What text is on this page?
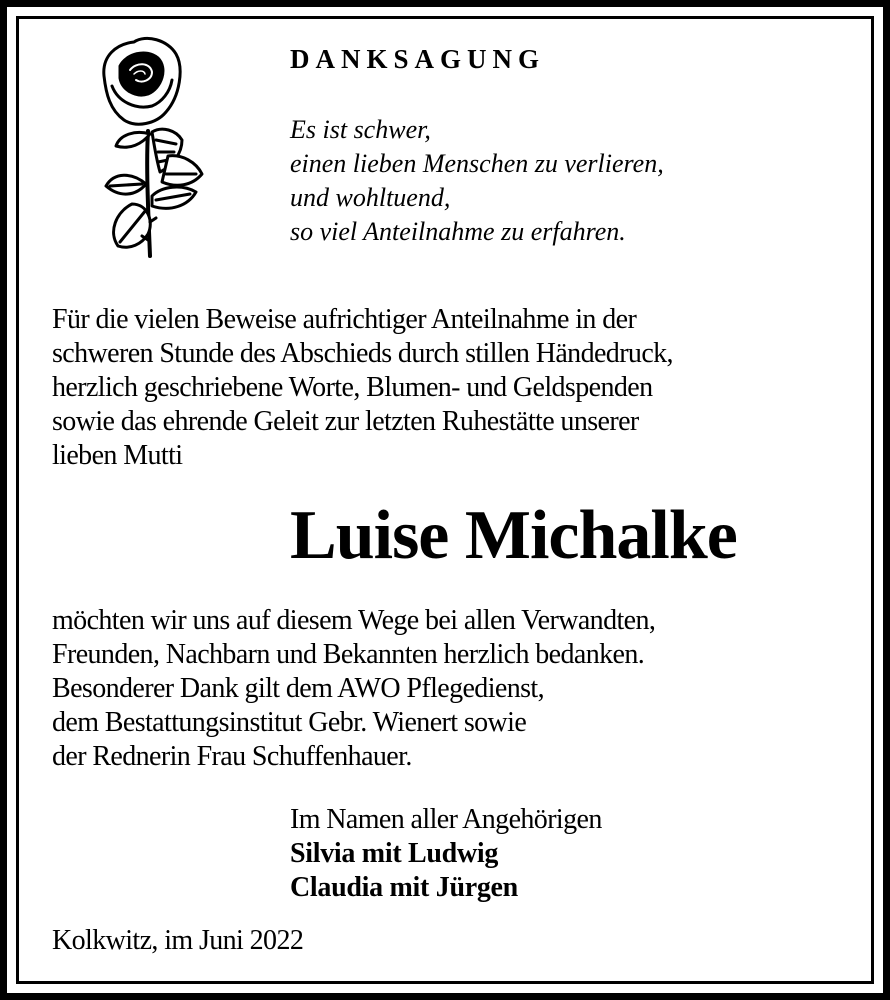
DANKSAGUNG
Es ist schwer,
einen lieben Menschen zu verlieren,
und wohltuend,
so viel Anteilnahme zu erfahren.
Für die vielen Beweise aufrichtiger Anteilnahme in der
schweren Stunde des Abschieds durch stillen Händedruck,
herzlich geschriebene Worte, Blumen- und Geldspenden
sowie das ehrende Geleit zur letzten Ruhestätte unserer
lieben Mutti
Luise Michalke
möchten wir uns auf diesem Wege bei allen Verwandten,
Freunden, Nachbarn und Bekannten herzlich bedanken.
Besonderer Dank gilt dem AWO Pflegedienst,
dem Bestattungsinstitut Gebr. Wienert sowie
der Rednerin Frau Schuffenhauer.
Im Namen aller Angehörigen
Silvia mit Ludwig
Claudia mit Jürgen
Kolkwitz, im Juni 2022
